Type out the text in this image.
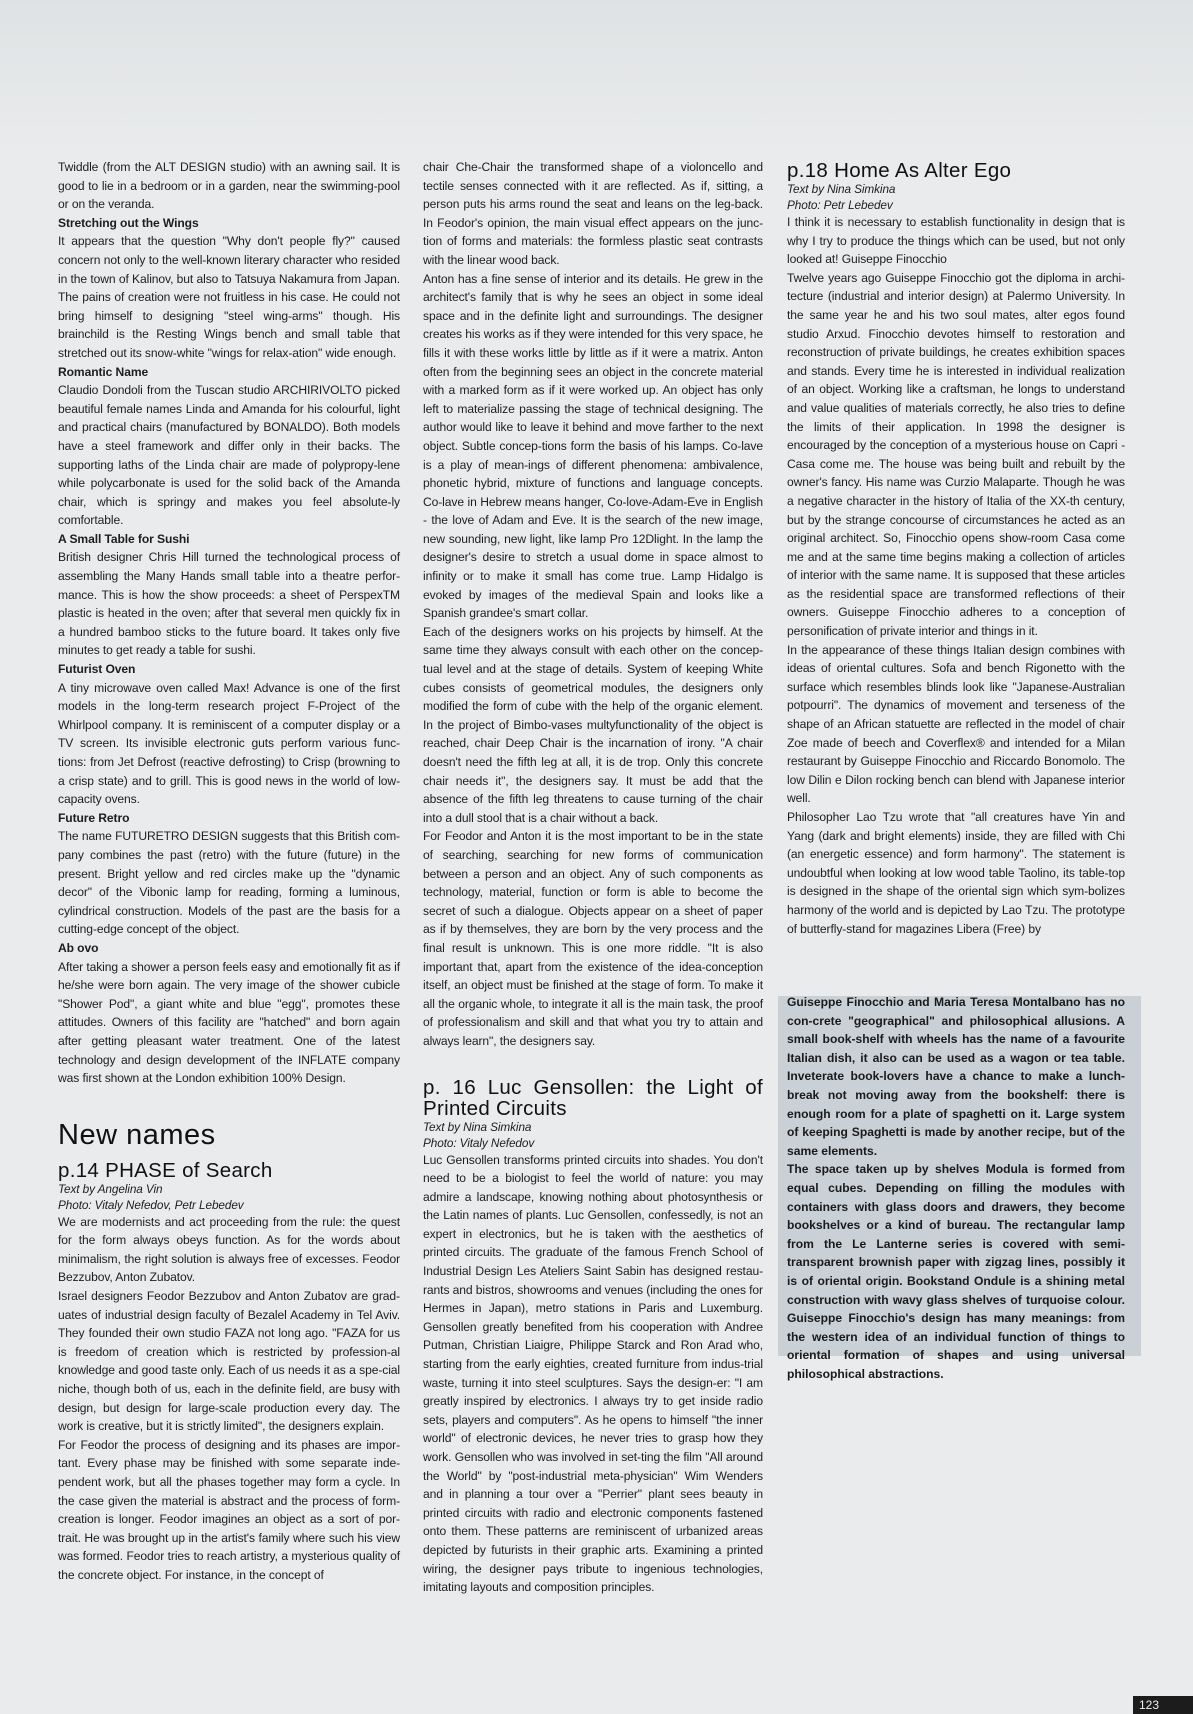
Twiddle (from the ALT DESIGN studio) with an awning sail. It is good to lie in a bedroom or in a garden, near the swimming-pool or on the veranda.

Stretching out the Wings

It appears that the question "Why don't people fly?" caused concern not only to the well-known literary character who resided in the town of Kalinov, but also to Tatsuya Nakamura from Japan. The pains of creation were not fruitless in his case. He could not bring himself to designing "steel wing-arms" though. His brainchild is the Resting Wings bench and small table that stretched out its snow-white "wings for relax-ation" wide enough.

Romantic Name

Claudio Dondoli from the Tuscan studio ARCHIRIVOLTO picked beautiful female names Linda and Amanda for his colourful, light and practical chairs (manufactured by BONALDO). Both models have a steel framework and differ only in their backs. The supporting laths of the Linda chair are made of polypropy-lene while polycarbonate is used for the solid back of the Amanda chair, which is springy and makes you feel absolute-ly comfortable.

A Small Table for Sushi

British designer Chris Hill turned the technological process of assembling the Many Hands small table into a theatre perfor-mance. This is how the show proceeds: a sheet of PerspexTM plastic is heated in the oven; after that several men quickly fix in a hundred bamboo sticks to the future board. It takes only five minutes to get ready a table for sushi.

Futurist Oven

A tiny microwave oven called Max! Advance is one of the first models in the long-term research project F-Project of the Whirlpool company. It is reminiscent of a computer display or a TV screen. Its invisible electronic guts perform various func-tions: from Jet Defrost (reactive defrosting) to Crisp (browning to a crisp state) and to grill. This is good news in the world of low-capacity ovens.

Future Retro

The name FUTURETRO DESIGN suggests that this British com-pany combines the past (retro) with the future (future) in the present. Bright yellow and red circles make up the "dynamic decor" of the Vibonic lamp for reading, forming a luminous, cylindrical construction. Models of the past are the basis for a cutting-edge concept of the object.

Ab ovo

After taking a shower a person feels easy and emotionally fit as if he/she were born again. The very image of the shower cubicle "Shower Pod", a giant white and blue "egg", promotes these attitudes. Owners of this facility are "hatched" and born again after getting pleasant water treatment. One of the latest technology and design development of the INFLATE company was first shown at the London exhibition 100% Design.

New names
p.14 PHASE of Search

Text by Angelina Vin

Photo: Vitaly Nefedov, Petr Lebedev

We are modernists and act proceeding from the rule: the quest for the form always obeys function. As for the words about minimalism, the right solution is always free of excesses. Feodor Bezzubov, Anton Zubatov.

Israel designers Feodor Bezzubov and Anton Zubatov are grad-uates of industrial design faculty of Bezalel Academy in Tel Aviv. They founded their own studio FAZA not long ago. "FAZA for us is freedom of creation which is restricted by profession-al knowledge and good taste only. Each of us needs it as a spe-cial niche, though both of us, each in the definite field, are busy with design, but design for large-scale production every day. The work is creative, but it is strictly limited", the designers explain.

For Feodor the process of designing and its phases are impor-tant. Every phase may be finished with some separate inde-pendent work, but all the phases together may form a cycle. In the case given the material is abstract and the process of form-creation is longer. Feodor imagines an object as a sort of por-trait. He was brought up in the artist's family where such his view was formed. Feodor tries to reach artistry, a mysterious quality of the concrete object. For instance, in the concept of

chair Che-Chair the transformed shape of a violoncello and tectile senses connected with it are reflected. As if, sitting, a person puts his arms round the seat and leans on the leg-back. In Feodor's opinion, the main visual effect appears on the junc-tion of forms and materials: the formless plastic seat contrasts with the linear wood back.

Anton has a fine sense of interior and its details. He grew in the architect's family that is why he sees an object in some ideal space and in the definite light and surroundings. The designer creates his works as if they were intended for this very space, he fills it with these works little by little as if it were a matrix. Anton often from the beginning sees an object in the concrete material with a marked form as if it were worked up. An object has only left to materialize passing the stage of technical designing. The author would like to leave it behind and move farther to the next object. Subtle concep-tions form the basis of his lamps. Co-lave is a play of mean-ings of different phenomena: ambivalence, phonetic hybrid, mixture of functions and language concepts. Co-lave in Hebrew means hanger, Co-love-Adam-Eve in English - the love of Adam and Eve. It is the search of the new image, new sounding, new light, like lamp Pro 12Dlight. In the lamp the designer's desire to stretch a usual dome in space almost to infinity or to make it small has come true. Lamp Hidalgo is evoked by images of the medieval Spain and looks like a Spanish grandee's smart collar.

Each of the designers works on his projects by himself. At the same time they always consult with each other on the concep-tual level and at the stage of details. System of keeping White cubes consists of geometrical modules, the designers only modified the form of cube with the help of the organic element. In the project of Bimbo-vases multyfunctionality of the object is reached, chair Deep Chair is the incarnation of irony. "A chair doesn't need the fifth leg at all, it is de trop. Only this concrete chair needs it", the designers say. It must be add that the absence of the fifth leg threatens to cause turning of the chair into a dull stool that is a chair without a back.

For Feodor and Anton it is the most important to be in the state of searching, searching for new forms of communication between a person and an object. Any of such components as technology, material, function or form is able to become the secret of such a dialogue. Objects appear on a sheet of paper as if by themselves, they are born by the very process and the final result is unknown. This is one more riddle. "It is also important that, apart from the existence of the idea-conception itself, an object must be finished at the stage of form. To make it all the organic whole, to integrate it all is the main task, the proof of professionalism and skill and that what you try to attain and always learn", the designers say.

p. 16 Luc Gensollen: the Light of Printed Circuits

Text by Nina Simkina

Photo: Vitaly Nefedov

Luc Gensollen transforms printed circuits into shades. You don't need to be a biologist to feel the world of nature: you may admire a landscape, knowing nothing about photosynthesis or the Latin names of plants. Luc Gensollen, confessedly, is not an expert in electronics, but he is taken with the aesthetics of printed circuits. The graduate of the famous French School of Industrial Design Les Ateliers Saint Sabin has designed restau-rants and bistros, showrooms and venues (including the ones for Hermes in Japan), metro stations in Paris and Luxemburg. Gensollen greatly benefited from his cooperation with Andree Putman, Christian Liaigre, Philippe Starck and Ron Arad who, starting from the early eighties, created furniture from indus-trial waste, turning it into steel sculptures. Says the design-er: "I am greatly inspired by electronics. I always try to get inside radio sets, players and computers". As he opens to himself "the inner world" of electronic devices, he never tries to grasp how they work. Gensollen who was involved in set-ting the film "All around the World" by "post-industrial meta-physician" Wim Wenders and in planning a tour over a "Perrier" plant sees beauty in printed circuits with radio and electronic components fastened onto them. These patterns are reminiscent of urbanized areas depicted by futurists in their graphic arts. Examining a printed wiring, the designer pays tribute to ingenious technologies, imitating layouts and composition principles.

p.18 Home As Alter Ego

Text by Nina Simkina

Photo: Petr Lebedev

I think it is necessary to establish functionality in design that is why I try to produce the things which can be used, but not only looked at! Guiseppe Finocchio

Twelve years ago Guiseppe Finocchio got the diploma in archi-tecture (industrial and interior design) at Palermo University. In the same year he and his two soul mates, alter egos found studio Arxud. Finocchio devotes himself to restoration and reconstruction of private buildings, he creates exhibition spaces and stands. Every time he is interested in individual realization of an object. Working like a craftsman, he longs to understand and value qualities of materials correctly, he also tries to define the limits of their application. In 1998 the designer is encouraged by the conception of a mysterious house on Capri - Casa come me. The house was being built and rebuilt by the owner's fancy. His name was Curzio Malaparte. Though he was a negative character in the history of Italia of the XX-th century, but by the strange concourse of circumstances he acted as an original architect. So, Finocchio opens show-room Casa come me and at the same time begins making a collection of articles of interior with the same name. It is supposed that these articles as the residential space are transformed reflections of their owners. Guiseppe Finocchio adheres to a conception of personification of private interior and things in it.

In the appearance of these things Italian design combines with ideas of oriental cultures. Sofa and bench Rigonetto with the surface which resembles blinds look like "Japanese-Australian potpourri". The dynamics of movement and terseness of the shape of an African statuette are reflected in the model of chair Zoe made of beech and Coverflex® and intended for a Milan restaurant by Guiseppe Finocchio and Riccardo Bonomolo. The low Dilin e Dilon rocking bench can blend with Japanese interior well.

Philosopher Lao Tzu wrote that "all creatures have Yin and Yang (dark and bright elements) inside, they are filled with Chi (an energetic essence) and form harmony". The statement is undoubtful when looking at low wood table Taolino, its table-top is designed in the shape of the oriental sign which sym-bolizes harmony of the world and is depicted by Lao Tzu. The prototype of butterfly-stand for magazines Libera (Free) by

Guiseppe Finocchio and Maria Teresa Montalbano has no con-crete "geographical" and philosophical allusions. A small book-shelf with wheels has the name of a favourite Italian dish, it also can be used as a wagon or tea table. Inveterate book-lovers have a chance to make a lunch-break not moving away from the bookshelf: there is enough room for a plate of spaghetti on it. Large system of keeping Spaghetti is made by another recipe, but of the same elements.

The space taken up by shelves Modula is formed from equal cubes. Depending on filling the modules with containers with glass doors and drawers, they become bookshelves or a kind of bureau. The rectangular lamp from the Le Lanterne series is covered with semi-transparent brownish paper with zigzag lines, possibly it is of oriental origin. Bookstand Ondule is a shining metal construction with wavy glass shelves of turquoise colour. Guiseppe Finocchio's design has many meanings: from the western idea of an individual function of things to oriental formation of shapes and using universal philosophical abstractions.

123
